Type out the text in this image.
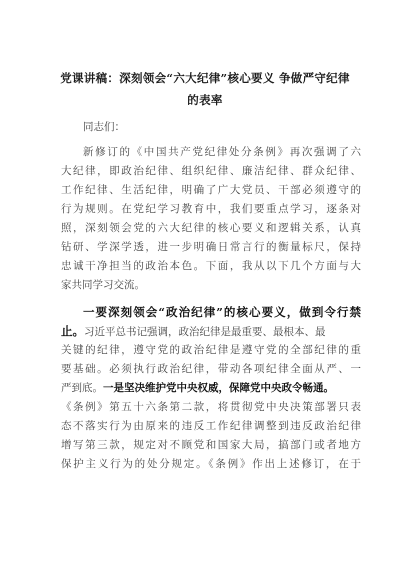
党课讲稿：深刻领会“六大纪律”核心要义 争做严守纪律
的表率
同志们：
新修订的《中国共产党纪律处分条例》再次强调了六
大纪律，即政治纪律、组织纪律、廉洁纪律、群众纪律、
工作纪律、生活纪律，明确了广大党员、干部必须遵守的
行为规则。在党纪学习教育中，我们要重点学习，逐条对
照，深刻领会党的六大纪律的核心要义和逻辑关系，认真
钻研、学深学透，进一步明确日常言行的衡量标尺，保持
忠诚干净担当的政治本色。下面，我从以下几个方面与大
家共同学习交流。
一要深刻领会“政治纪律”的核心要义，做到令行禁
止。习近平总书记强调，政治纪律是最重要、最根本、最
关键的纪律，遵守党的政治纪律是遵守党的全部纪律的重
要基础。必须执行政治纪律，带动各项纪律全面从严、一
严到底。一是坚决维护党中央权威，保障党中央政令畅通。
《条例》第五十六条第二款，将贯彻党中央决策部署只表
态不落实行为由原来的违反工作纪律调整到违反政治纪律
增写第三款，规定对不顾党和国家大局，搞部门或者地方
保护主义行为的处分规定。《条例》作出上述修订，在于
